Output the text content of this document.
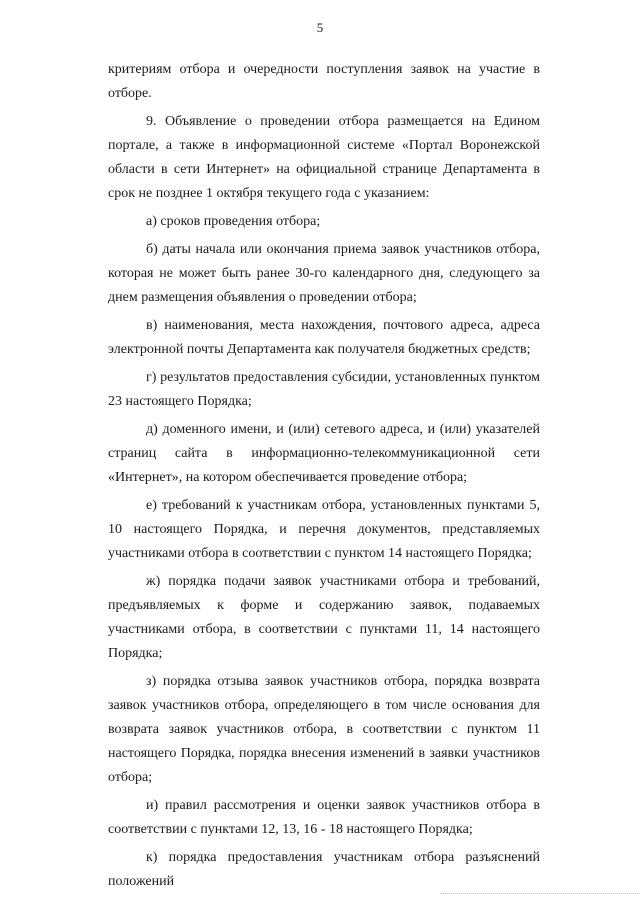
5

критериям отбора и очередности поступления заявок на участие в отборе.

9. Объявление о проведении отбора размещается на Едином портале, а также в информационной системе «Портал Воронежской области в сети Интернет» на официальной странице Департамента в срок не позднее 1 октября текущего года с указанием:

а) сроков проведения отбора;

б) даты начала или окончания приема заявок участников отбора, которая не может быть ранее 30-го календарного дня, следующего за днем размещения объявления о проведении отбора;

в) наименования, места нахождения, почтового адреса, адреса электронной почты Департамента как получателя бюджетных средств;

г) результатов предоставления субсидии, установленных пунктом 23 настоящего Порядка;

д) доменного имени, и (или) сетевого адреса, и (или) указателей страниц сайта в информационно-телекоммуникационной сети «Интернет», на котором обеспечивается проведение отбора;

е) требований к участникам отбора, установленных пунктами 5, 10 настоящего Порядка, и перечня документов, представляемых участниками отбора в соответствии с пунктом 14 настоящего Порядка;

ж) порядка подачи заявок участниками отбора и требований, предъявляемых к форме и содержанию заявок, подаваемых участниками отбора, в соответствии с пунктами 11, 14 настоящего Порядка;

з) порядка отзыва заявок участников отбора, порядка возврата заявок участников отбора, определяющего в том числе основания для возврата заявок участников отбора, в соответствии с пунктом 11 настоящего Порядка, порядка внесения изменений в заявки участников отбора;

и) правил рассмотрения и оценки заявок участников отбора в соответствии с пунктами 12, 13, 16 - 18 настоящего Порядка;

к) порядка предоставления участникам отбора разъяснений положений
